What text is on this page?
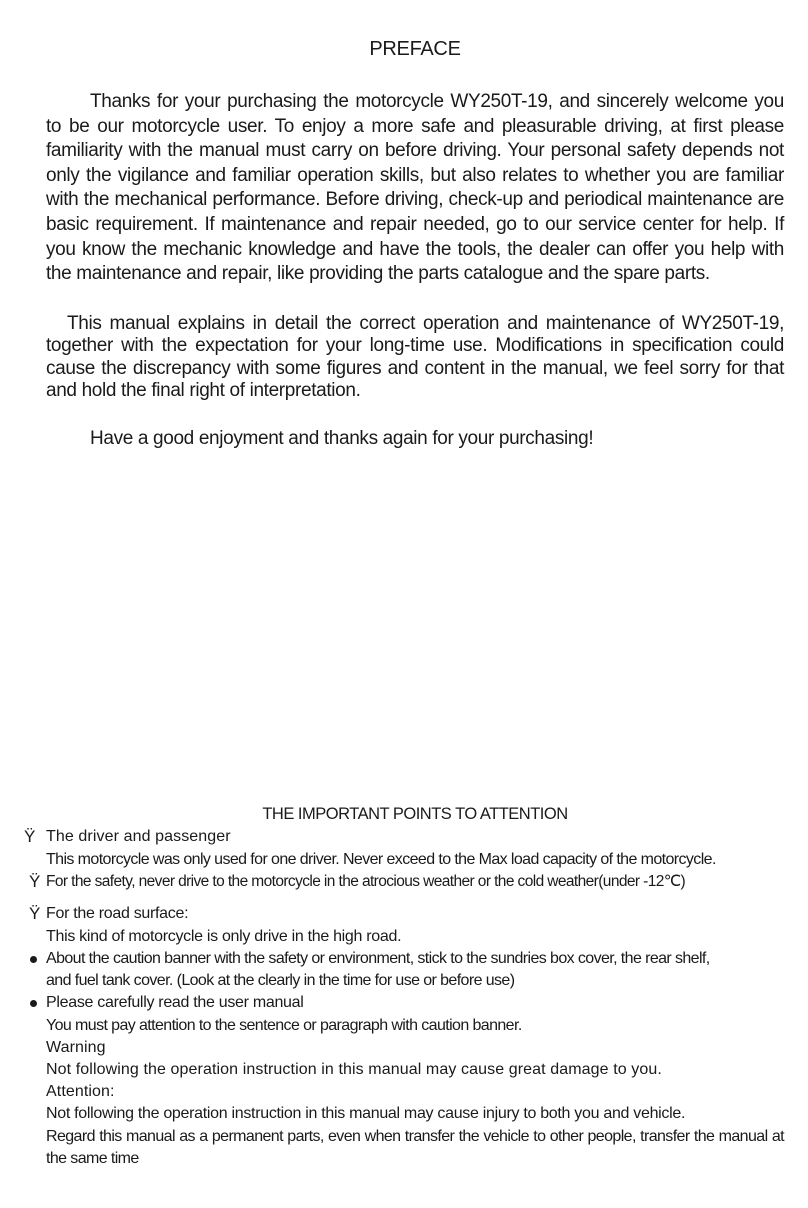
PREFACE

Thanks for your purchasing the motorcycle WY250T-19, and sincerely welcome you to be our motorcycle user. To enjoy a more safe and pleasurable driving, at first please familiarity with the manual must carry on before driving. Your personal safety depends not only the vigilance and familiar operation skills, but also relates to whether you are familiar with the mechanical performance. Before driving, check-up and periodical maintenance are basic requirement. If maintenance and repair needed, go to our service center for help. If you know the mechanic knowledge and have the tools, the dealer can offer you help with the maintenance and repair, like providing the parts catalogue and the spare parts.

This manual explains in detail the correct operation and maintenance of WY250T-19, together with the expectation for your long-time use. Modifications in specification could cause the discrepancy with some figures and content in the manual, we feel sorry for that and hold the final right of interpretation.

Have a good enjoyment and thanks again for your purchasing!

THE IMPORTANT POINTS TO ATTENTION
Ÿ The driver and passenger
This motorcycle was only used for one driver. Never exceed to the Max load capacity of the motorcycle.
Ÿ For the safety, never drive to the motorcycle in the atrocious weather or the cold weather(under -12℃)
Ÿ For the road surface:
This kind of motorcycle is only drive in the high road.
About the caution banner with the safety or environment, stick to the sundries box cover, the rear shelf,
and fuel tank cover. (Look at the clearly in the time for use or before use)
Please carefully read the user manual
You must pay attention to the sentence or paragraph with caution banner.
Warning
Not following the operation instruction in this manual may cause great damage to you.
Attention:
Not following the operation instruction in this manual may cause injury to both you and vehicle.
Regard this manual as a permanent parts, even when transfer the vehicle to other people, transfer the manual at the same time
